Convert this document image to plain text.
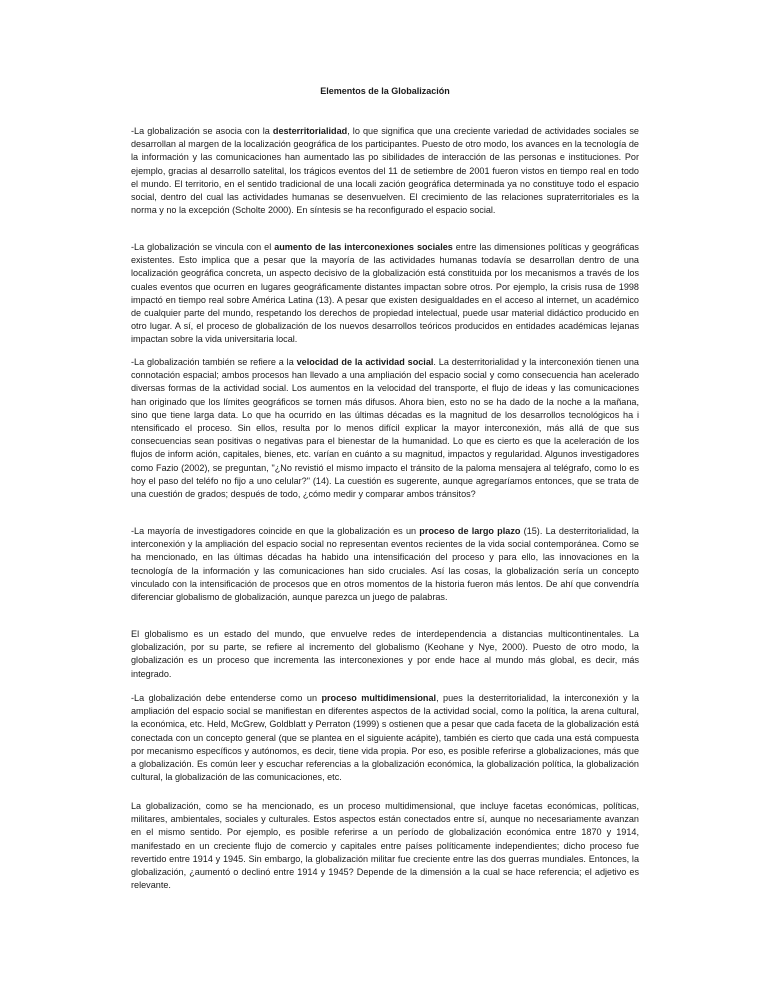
Elementos de la Globalización

-La globalización se asocia con la desterritorialidad, lo que significa que una creciente variedad de actividades sociales se desarrollan al margen de la localización geográfica de los participantes. Puesto de otro modo, los avances en la tecnología de la información y las comunicaciones han aumentado las po sibilidades de interacción de las personas e instituciones. Por ejemplo, gracias al desarrollo satelital, los trágicos eventos del 11 de setiembre de 2001 fueron vistos en tiempo real en todo el mundo. El territorio, en el sentido tradicional de una locali zación geográfica determinada ya no constituye todo el espacio social, dentro del cual las actividades humanas se desenvuelven. El crecimiento de las relaciones supraterritoriales es la norma y no la excepción (Scholte 2000). En síntesis se ha reconfigurado el espacio social.

-La globalización se vincula con el aumento de las interconexiones sociales entre las dimensiones políticas y geográficas existentes. Esto implica que a pesar que la mayoría de las actividades humanas todavía se desarrollan dentro de una localización geográfica concreta, un aspecto decisivo de la globalización está constituida por los mecanismos a través de los cuales eventos que ocurren en lugares geográficamente distantes impactan sobre otros. Por ejemplo, la crisis rusa de 1998 impactó en tiempo real sobre América Latina (13). A pesar que existen desigualdades en el acceso al internet, un académico de cualquier parte del mundo, respetando los derechos de propiedad intelectual, puede usar material didáctico producido en otro lugar. A sí, el proceso de globalización de los nuevos desarrollos teóricos producidos en entidades académicas lejanas impactan sobre la vida universitaria local.

-La globalización también se refiere a la velocidad de la actividad social. La desterritorialidad y la interconexión tienen una connotación espacial; ambos procesos han llevado a una ampliación del espacio social y como consecuencia han acelerado diversas formas de la actividad social. Los aumentos en la velocidad del transporte, el flujo de ideas y las comunicaciones han originado que los límites geográficos se tornen más difusos. Ahora bien, esto no se ha dado de la noche a la mañana, sino que tiene larga data. Lo que ha ocurrido en las últimas décadas es la magnitud de los desarrollos tecnológicos ha i ntensificado el proceso. Sin ellos, resulta por lo menos difícil explicar la mayor interconexión, más allá de que sus consecuencias sean positivas o negativas para el bienestar de la humanidad. Lo que es cierto es que la aceleración de los flujos de inform ación, capitales, bienes, etc. varían en cuánto a su magnitud, impactos y regularidad. Algunos investigadores como Fazio (2002), se preguntan, "¿No revistió el mismo impacto el tránsito de la paloma mensajera al telégrafo, como lo es hoy el paso del teléfo no fijo a uno celular?" (14). La cuestión es sugerente, aunque agregaríamos entonces, que se trata de una cuestión de grados; después de todo, ¿cómo medir y comparar ambos tránsitos?

-La mayoría de investigadores coincide en que la globalización es un proceso de largo plazo (15). La desterritorialidad, la interconexión y la ampliación del espacio social no representan eventos recientes de la vida social contemporánea. Como se ha mencionado, en las últimas décadas ha habido una intensificación del proceso y para ello, las innovaciones en la tecnología de la información y las comunicaciones han sido cruciales. Así las cosas, la globalización sería un concepto vinculado con la intensificación de procesos que en otros momentos de la historia fueron más lentos. De ahí que convendría diferenciar globalismo de globalización, aunque parezca un juego de palabras.

El globalismo es un estado del mundo, que envuelve redes de interdependencia a distancias multicontinentales. La globalización, por su parte, se refiere al incremento del globalismo (Keohane y Nye, 2000). Puesto de otro modo, la globalización es un proceso que incrementa las interconexiones y por ende hace al mundo más global, es decir, más integrado.

-La globalización debe entenderse como un proceso multidimensional, pues la desterritorialidad, la interconexión y la ampliación del espacio social se manifiestan en diferentes aspectos de la actividad social, como la política, la arena cultural, la económica, etc. Held, McGrew, Goldblatt y Perraton (1999) s ostienen que a pesar que cada faceta de la globalización está conectada con un concepto general (que se plantea en el siguiente acápite), también es cierto que cada una está compuesta por mecanismo específicos y autónomos, es decir, tiene vida propia. Por eso, es posible referirse a globalizaciones, más que a globalización. Es común leer y escuchar referencias a la globalización económica, la globalización política, la globalización cultural, la globalización de las comunicaciones, etc.

La globalización, como se ha mencionado, es un proceso multidimensional, que incluye facetas económicas, políticas, militares, ambientales, sociales y culturales. Estos aspectos están conectados entre sí, aunque no necesariamente avanzan en el mismo sentido. Por ejemplo, es posible referirse a un período de globalización económica entre 1870 y 1914, manifestado en un creciente flujo de comercio y capitales entre países políticamente independientes; dicho proceso fue revertido entre 1914 y 1945. Sin embargo, la globalización militar fue creciente entre las dos guerras mundiales. Entonces, la globalización, ¿aumentó o declinó entre 1914 y 1945? Depende de la dimensión a la cual se hace referencia; el adjetivo es relevante.
